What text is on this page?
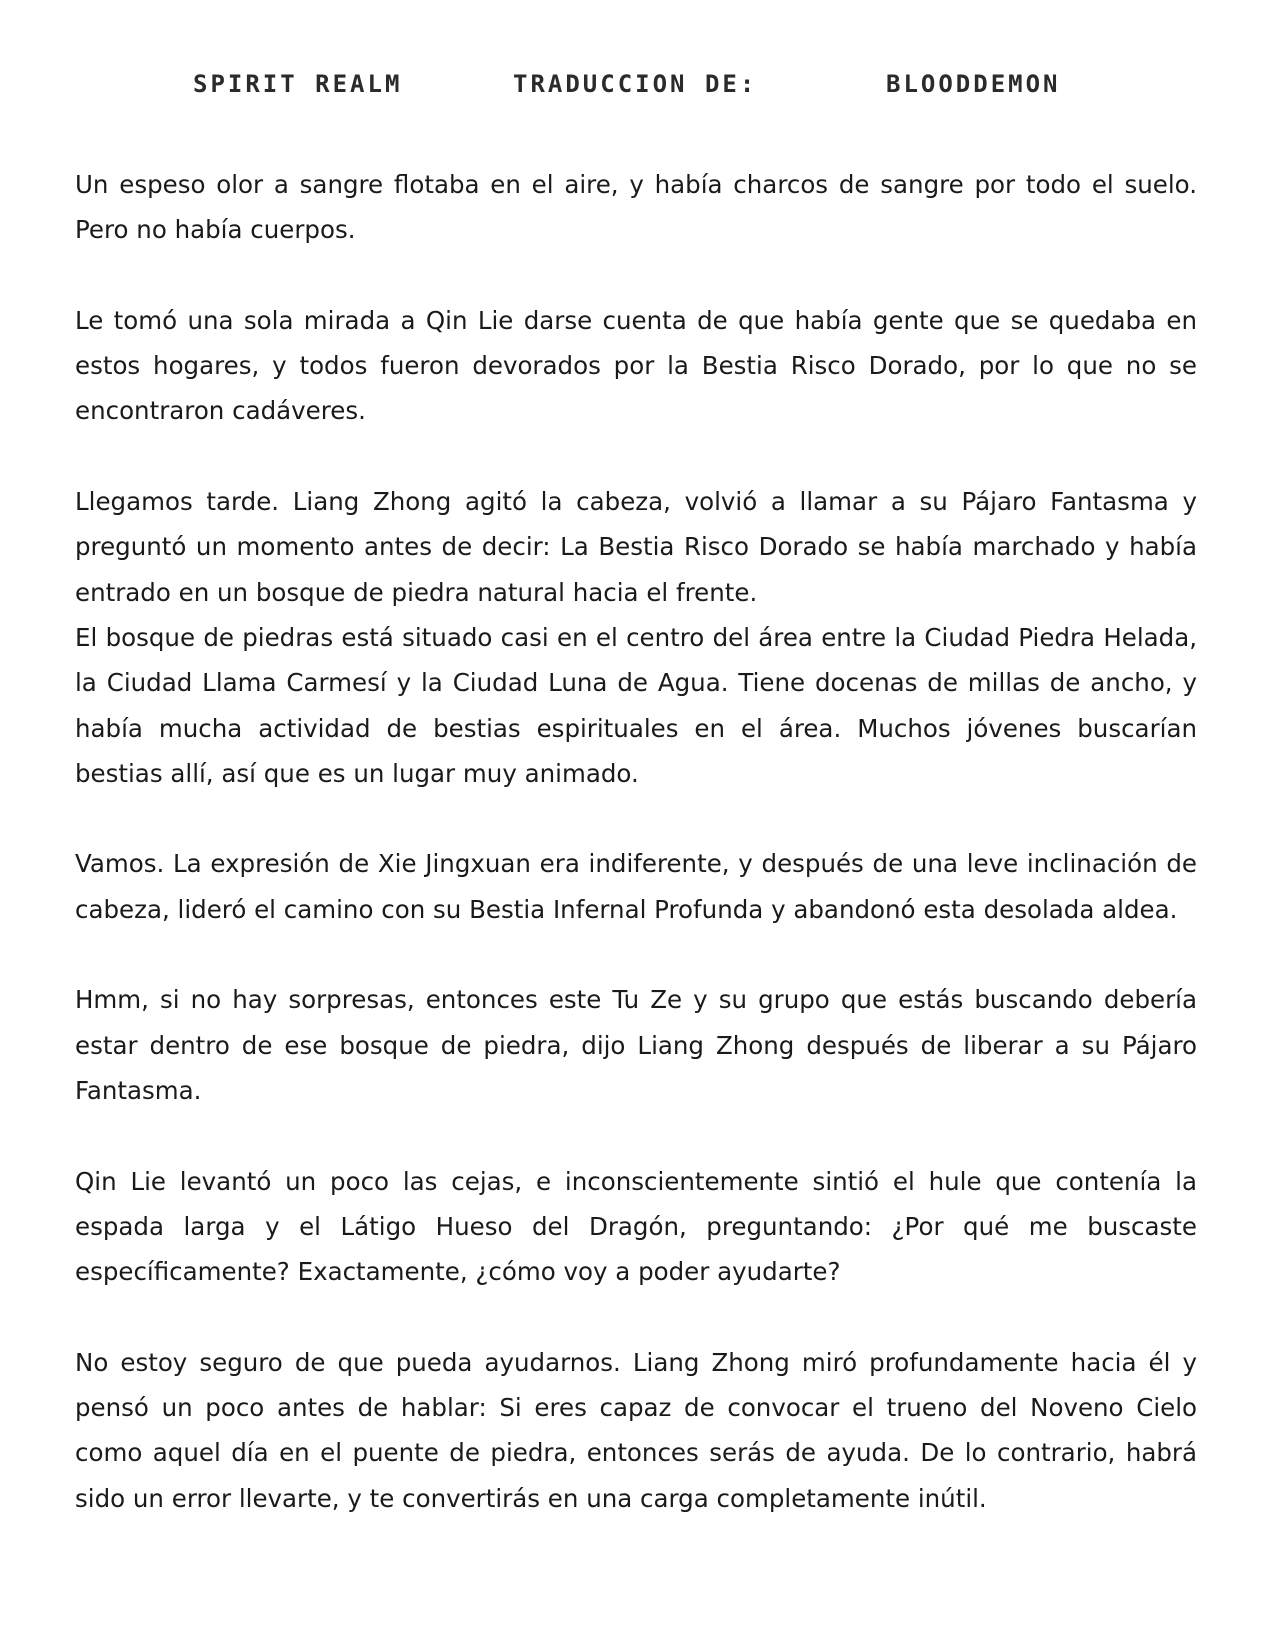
SPIRIT REALM	TRADUCCION DE:	BLOODDEMON

Un espeso olor a sangre flotaba en el aire, y había charcos de sangre por todo el suelo. Pero no había cuerpos.

Le tomó una sola mirada a Qin Lie darse cuenta de que había gente que se quedaba en estos hogares, y todos fueron devorados por la Bestia Risco Dorado, por lo que no se encontraron cadáveres.

Llegamos tarde. Liang Zhong agitó la cabeza, volvió a llamar a su Pájaro Fantasma y preguntó un momento antes de decir: La Bestia Risco Dorado se había marchado y había entrado en un bosque de piedra natural hacia el frente.

El bosque de piedras está situado casi en el centro del área entre la Ciudad Piedra Helada, la Ciudad Llama Carmesí y la Ciudad Luna de Agua. Tiene docenas de millas de ancho, y había mucha actividad de bestias espirituales en el área. Muchos jóvenes buscarían bestias allí, así que es un lugar muy animado.

Vamos. La expresión de Xie Jingxuan era indiferente, y después de una leve inclinación de cabeza, lideró el camino con su Bestia Infernal Profunda y abandonó esta desolada aldea.

Hmm, si no hay sorpresas, entonces este Tu Ze y su grupo que estás buscando debería estar dentro de ese bosque de piedra, dijo Liang Zhong después de liberar a su Pájaro Fantasma.

Qin Lie levantó un poco las cejas, e inconscientemente sintió el hule que contenía la espada larga y el Látigo Hueso del Dragón, preguntando: ¿Por qué me buscaste específicamente? Exactamente, ¿cómo voy a poder ayudarte?

No estoy seguro de que pueda ayudarnos. Liang Zhong miró profundamente hacia él y pensó un poco antes de hablar: Si eres capaz de convocar el trueno del Noveno Cielo como aquel día en el puente de piedra, entonces serás de ayuda. De lo contrario, habrá sido un error llevarte, y te convertirás en una carga completamente inútil.
